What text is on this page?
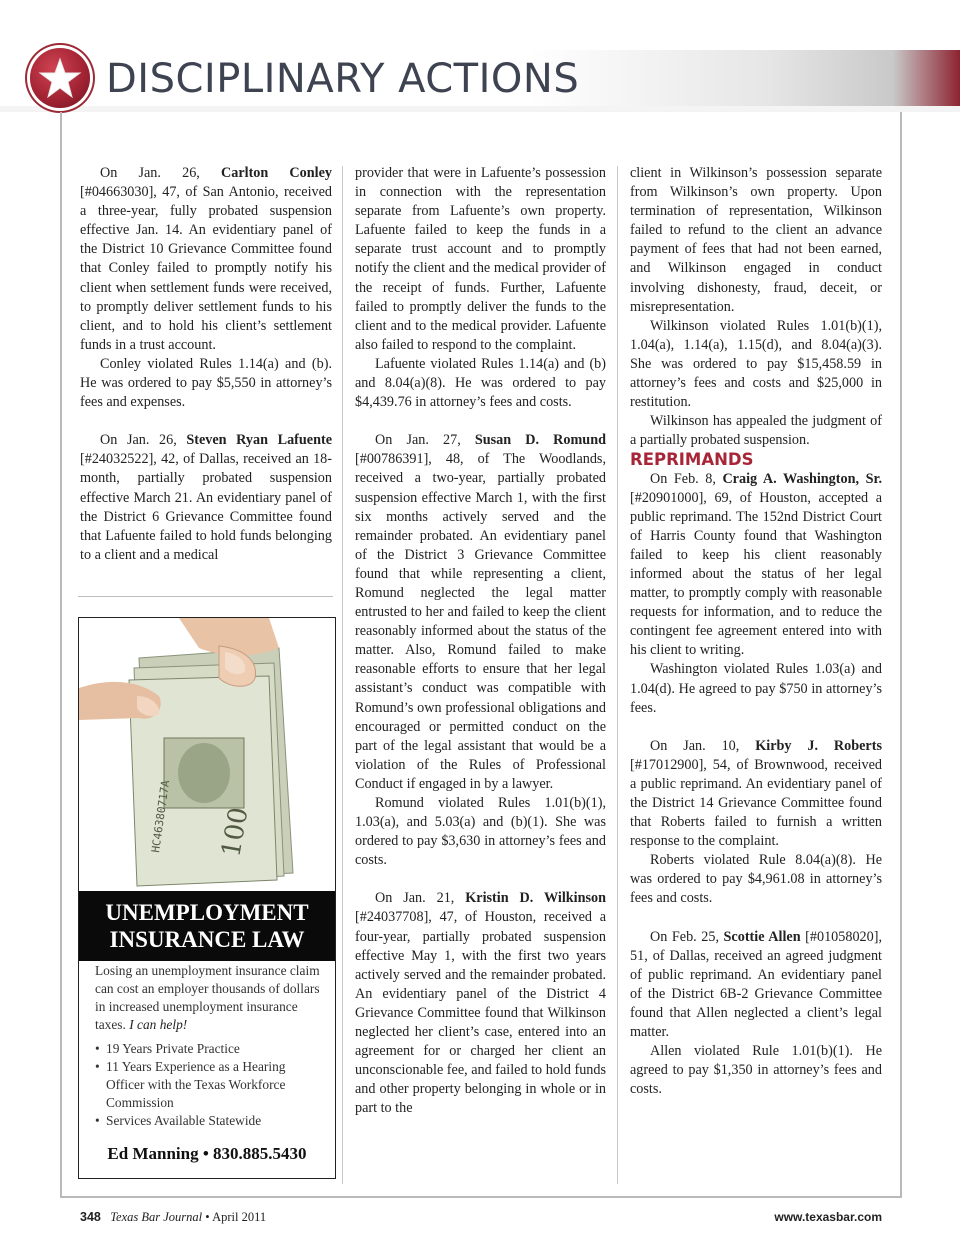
DISCIPLINARY ACTIONS

On Jan. 26, Carlton Conley [#04663030], 47, of San Antonio, received a three-year, fully probated suspension effective Jan. 14. An evidentiary panel of the District 10 Grievance Committee found that Conley failed to promptly notify his client when settlement funds were received, to promptly deliver settlement funds to his client, and to hold his client’s settlement funds in a trust account.

Conley violated Rules 1.14(a) and (b). He was ordered to pay $5,550 in attorney’s fees and expenses.

On Jan. 26, Steven Ryan Lafuente [#24032522], 42, of Dallas, received an 18-month, partially probated suspension effective March 21. An evidentiary panel of the District 6 Grievance Committee found that Lafuente failed to hold funds belonging to a client and a medical

100
HC46380717A
UNEMPLOYMENT
INSURANCE LAW

Losing an unemployment insurance claim can cost an employer thousands of dollars in increased unemployment insurance taxes. I can help!

• 19 Years Private Practice
• 11 Years Experience as a Hearing Officer with the Texas Workforce Commission
• Services Available Statewide
Ed Manning • 830.885.5430

provider that were in Lafuente’s possession in connection with the representation separate from Lafuente’s own property. Lafuente failed to keep the funds in a separate trust account and to promptly notify the client and the medical provider of the receipt of funds. Further, Lafuente failed to promptly deliver the funds to the client and to the medical provider. Lafuente also failed to respond to the complaint.

Lafuente violated Rules 1.14(a) and (b) and 8.04(a)(8). He was ordered to pay $4,439.76 in attorney’s fees and costs.

On Jan. 27, Susan D. Romund [#00786391], 48, of The Woodlands, received a two-year, partially probated suspension effective March 1, with the first six months actively served and the remainder probated. An evidentiary panel of the District 3 Grievance Committee found that while representing a client, Romund neglected the legal matter entrusted to her and failed to keep the client reasonably informed about the status of the matter. Also, Romund failed to make reasonable efforts to ensure that her legal assistant’s conduct was compatible with Romund’s own professional obligations and encouraged or permitted conduct on the part of the legal assistant that would be a violation of the Rules of Professional Conduct if engaged in by a lawyer.

Romund violated Rules 1.01(b)(1), 1.03(a), and 5.03(a) and (b)(1). She was ordered to pay $3,630 in attorney’s fees and costs.

On Jan. 21, Kristin D. Wilkinson [#24037708], 47, of Houston, received a four-year, partially probated suspension effective May 1, with the first two years actively served and the remainder probated. An evidentiary panel of the District 4 Grievance Committee found that Wilkinson neglected her client’s case, entered into an agreement for or charged her client an unconscionable fee, and failed to hold funds and other property belonging in whole or in part to the

client in Wilkinson’s possession separate from Wilkinson’s own property. Upon termination of representation, Wilkinson failed to refund to the client an advance payment of fees that had not been earned, and Wilkinson engaged in conduct involving dishonesty, fraud, deceit, or misrepresentation.

Wilkinson violated Rules 1.01(b)(1), 1.04(a), 1.14(a), 1.15(d), and 8.04(a)(3). She was ordered to pay $15,458.59 in attorney’s fees and costs and $25,000 in restitution.

Wilkinson has appealed the judgment of a partially probated suspension.

REPRIMANDS

On Feb. 8, Craig A. Washington, Sr. [#20901000], 69, of Houston, accepted a public reprimand. The 152nd District Court of Harris County found that Washington failed to keep his client reasonably informed about the status of her legal matter, to promptly comply with reasonable requests for information, and to reduce the contingent fee agreement entered into with his client to writing.

Washington violated Rules 1.03(a) and 1.04(d). He agreed to pay $750 in attorney’s fees.

On Jan. 10, Kirby J. Roberts [#17012900], 54, of Brownwood, received a public reprimand. An evidentiary panel of the District 14 Grievance Committee found that Roberts failed to furnish a written response to the complaint.

Roberts violated Rule 8.04(a)(8). He was ordered to pay $4,961.08 in attorney’s fees and costs.

On Feb. 25, Scottie Allen [#01058020], 51, of Dallas, received an agreed judgment of public reprimand. An evidentiary panel of the District 6B-2 Grievance Committee found that Allen neglected a client’s legal matter.

Allen violated Rule 1.01(b)(1). He agreed to pay $1,350 in attorney’s fees and costs.

348 Texas Bar Journal • April 2011	www.texasbar.com
